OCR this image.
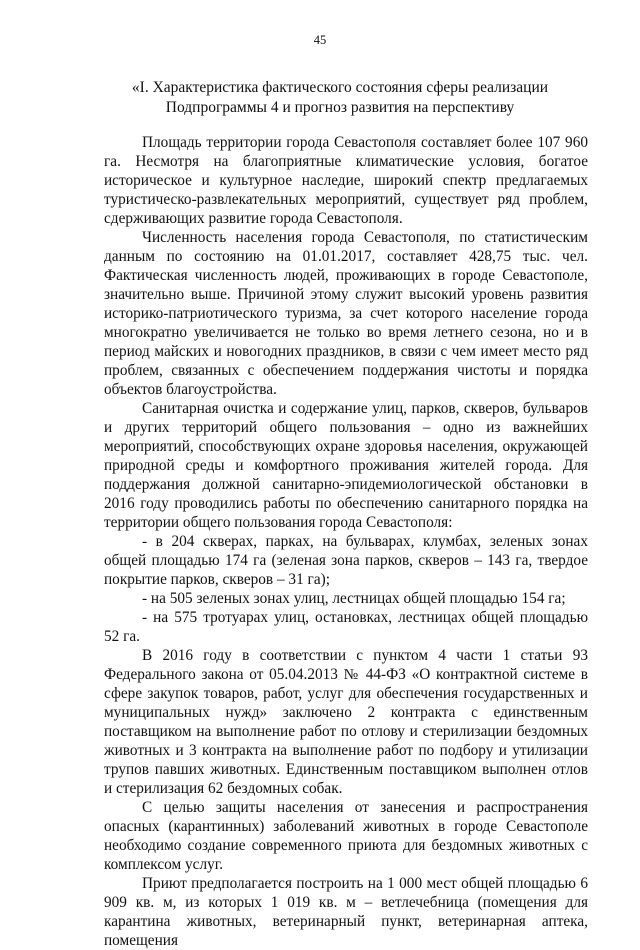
45
«I. Характеристика фактического состояния сферы реализации
Подпрограммы 4 и прогноз развития на перспективу

Площадь территории города Севастополя составляет более 107 960 га. Несмотря на благоприятные климатические условия, богатое историческое и культурное наследие, широкий спектр предлагаемых туристическо-развлекательных мероприятий, существует ряд проблем, сдерживающих развитие города Севастополя.

Численность населения города Севастополя, по статистическим данным по состоянию на 01.01.2017, составляет 428,75 тыс. чел. Фактическая численность людей, проживающих в городе Севастополе, значительно выше. Причиной этому служит высокий уровень развития историко-патриотического туризма, за счет которого население города многократно увеличивается не только во время летнего сезона, но и в период майских и новогодних праздников, в связи с чем имеет место ряд проблем, связанных с обеспечением поддержания чистоты и порядка объектов благоустройства.

Санитарная очистка и содержание улиц, парков, скверов, бульваров и других территорий общего пользования – одно из важнейших мероприятий, способствующих охране здоровья населения, окружающей природной среды и комфортного проживания жителей города. Для поддержания должной санитарно-эпидемиологической обстановки в 2016 году проводились работы по обеспечению санитарного порядка на территории общего пользования города Севастополя:

- в 204 скверах, парках, на бульварах, клумбах, зеленых зонах общей площадью 174 га (зеленая зона парков, скверов – 143 га, твердое покрытие парков, скверов – 31 га);

- на 505 зеленых зонах улиц, лестницах общей площадью 154 га;

- на 575 тротуарах улиц, остановках, лестницах общей площадью 52 га.

В 2016 году в соответствии с пунктом 4 части 1 статьи 93 Федерального закона от 05.04.2013 № 44-ФЗ «О контрактной системе в сфере закупок товаров, работ, услуг для обеспечения государственных и муниципальных нужд» заключено 2 контракта с единственным поставщиком на выполнение работ по отлову и стерилизации бездомных животных и 3 контракта на выполнение работ по подбору и утилизации трупов павших животных. Единственным поставщиком выполнен отлов и стерилизация 62 бездомных собак.

С целью защиты населения от занесения и распространения опасных (карантинных) заболеваний животных в городе Севастополе необходимо создание современного приюта для бездомных животных с комплексом услуг.

Приют предполагается построить на 1 000 мест общей площадью 6 909 кв. м, из которых 1 019 кв. м – ветлечебница (помещения для карантина животных, ветеринарный пункт, ветеринарная аптека, помещения
